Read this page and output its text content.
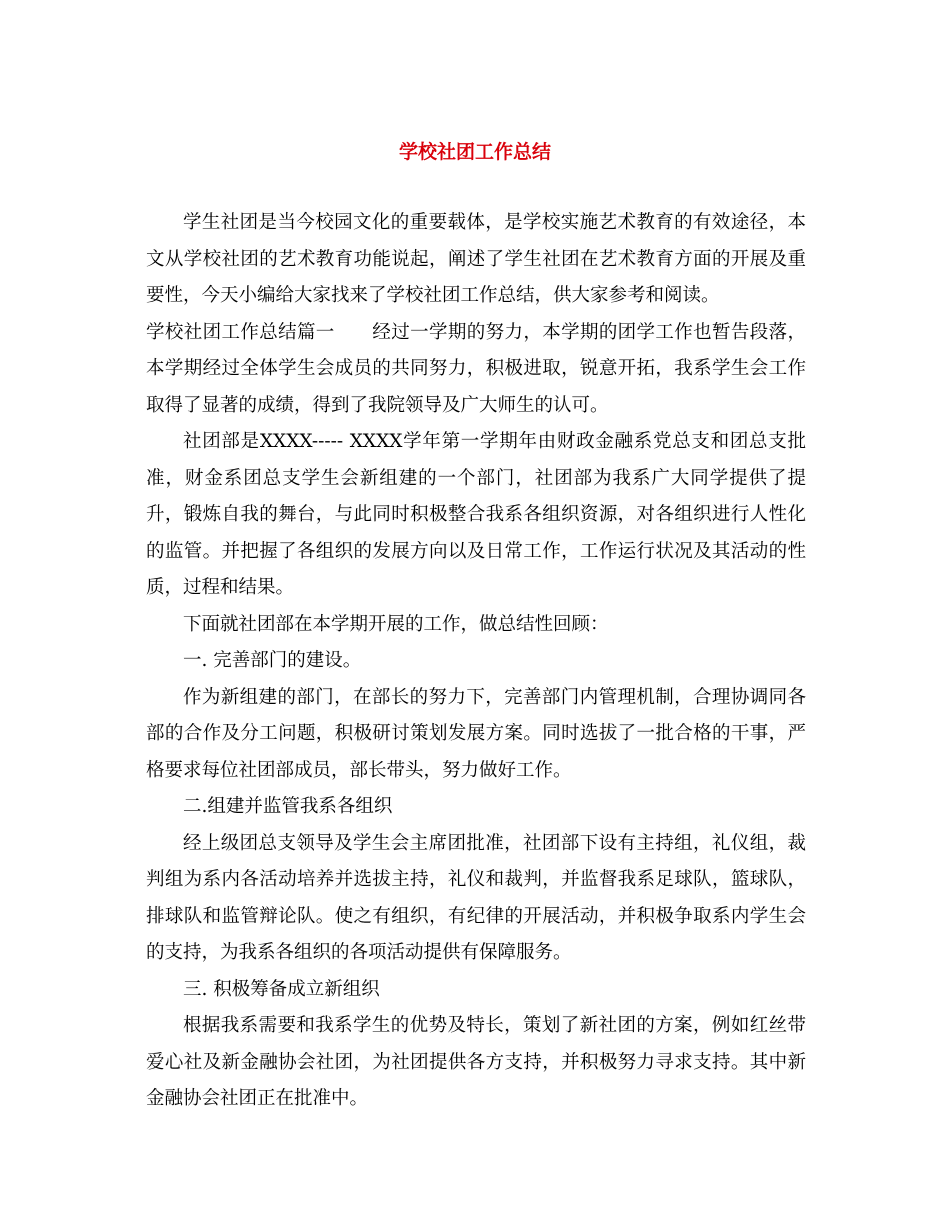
学校社团工作总结

学生社团是当今校园文化的重要载体，是学校实施艺术教育的有效途径，本文从学校社团的艺术教育功能说起，阐述了学生社团在艺术教育方面的开展及重要性，今天小编给大家找来了学校社团工作总结，供大家参考和阅读。

学校社团工作总结篇一　　经过一学期的努力，本学期的团学工作也暂告段落，本学期经过全体学生会成员的共同努力，积极进取，锐意开拓，我系学生会工作取得了显著的成绩，得到了我院领导及广大师生的认可。

社团部是XXXX----- XXXX学年第一学期年由财政金融系党总支和团总支批准，财金系团总支学生会新组建的一个部门，社团部为我系广大同学提供了提升，锻炼自我的舞台，与此同时积极整合我系各组织资源，对各组织进行人性化的监管。并把握了各组织的发展方向以及日常工作，工作运行状况及其活动的性质，过程和结果。

下面就社团部在本学期开展的工作，做总结性回顾：

一. 完善部门的建设。

作为新组建的部门，在部长的努力下，完善部门内管理机制，合理协调同各部的合作及分工问题，积极研讨策划发展方案。同时选拔了一批合格的干事，严格要求每位社团部成员，部长带头，努力做好工作。

二.组建并监管我系各组织

经上级团总支领导及学生会主席团批准，社团部下设有主持组，礼仪组，裁判组为系内各活动培养并选拔主持，礼仪和裁判，并监督我系足球队，篮球队，排球队和监管辩论队。使之有组织，有纪律的开展活动，并积极争取系内学生会的支持，为我系各组织的各项活动提供有保障服务。

三. 积极筹备成立新组织

根据我系需要和我系学生的优势及特长，策划了新社团的方案，例如红丝带爱心社及新金融协会社团，为社团提供各方支持，并积极努力寻求支持。其中新金融协会社团正在批准中。
